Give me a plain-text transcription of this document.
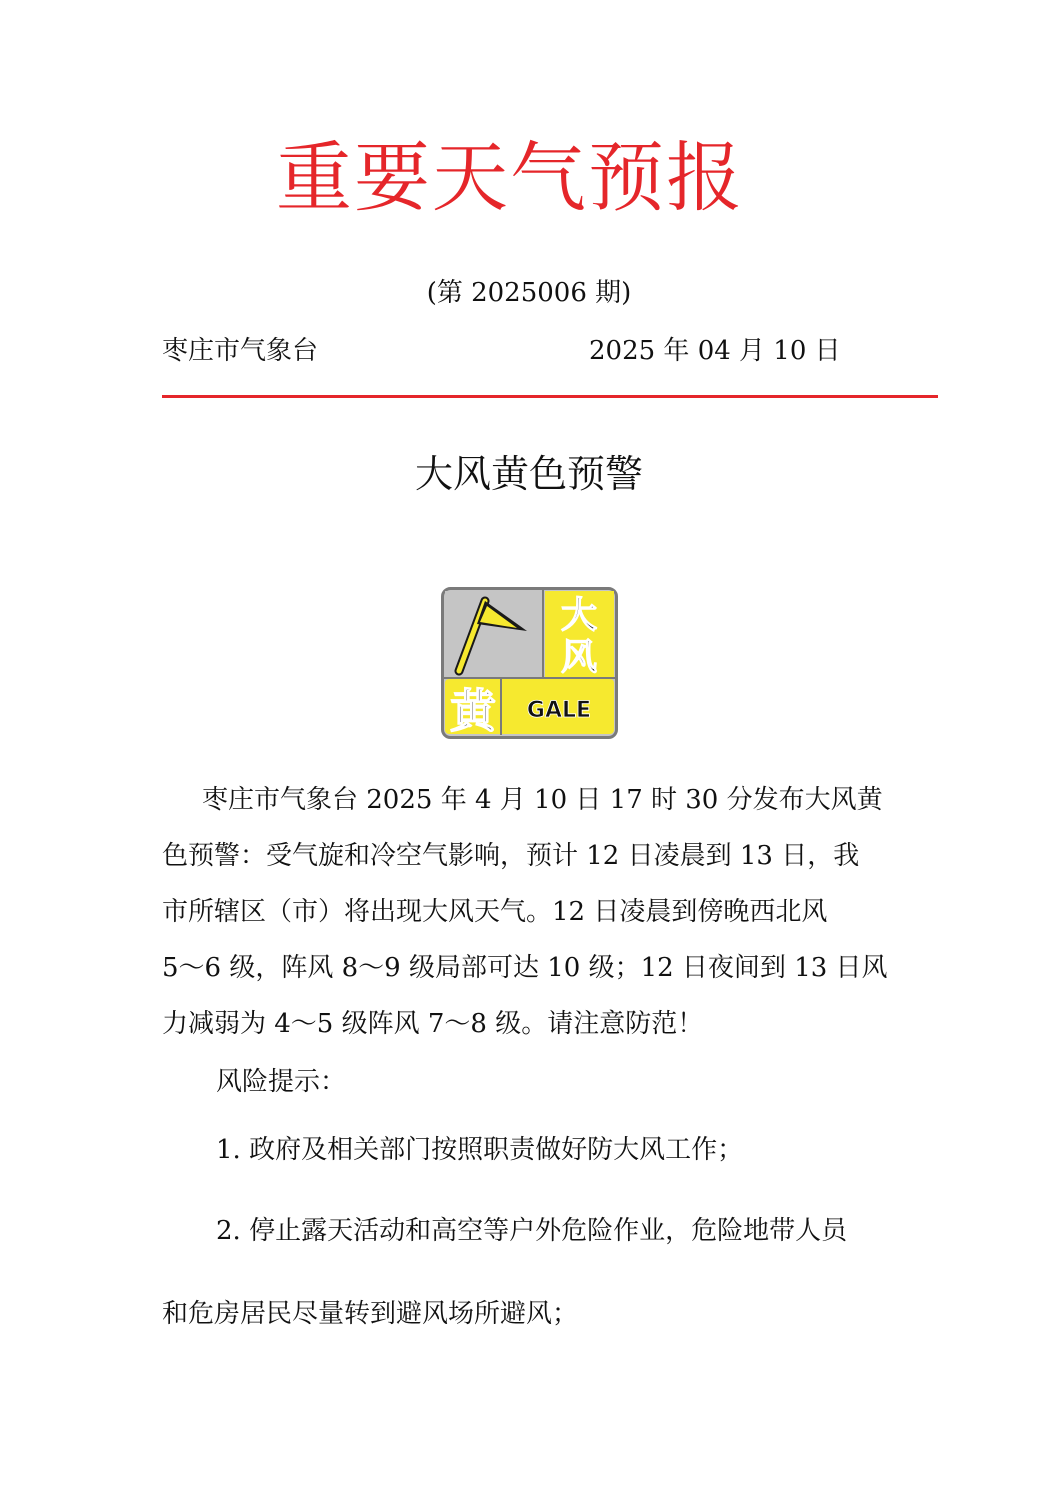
重要天气预报
(第 2025006 期)
枣庄市气象台	2025 年 04 月 10 日
大风黄色预警
大
风
黄 GALE

枣庄市气象台 2025 年 4 月 10 日 17 时 30 分发布大风黄

色预警：受气旋和冷空气影响，预计 12 日凌晨到 13 日，我

市所辖区（市）将出现大风天气。12 日凌晨到傍晚西北风

5～6 级，阵风 8～9 级局部可达 10 级；12 日夜间到 13 日风

力减弱为 4～5 级阵风 7～8 级。请注意防范！

风险提示：
1. 政府及相关部门按照职责做好防大风工作；
2. 停止露天活动和高空等户外危险作业，危险地带人员
和危房居民尽量转到避风场所避风；
